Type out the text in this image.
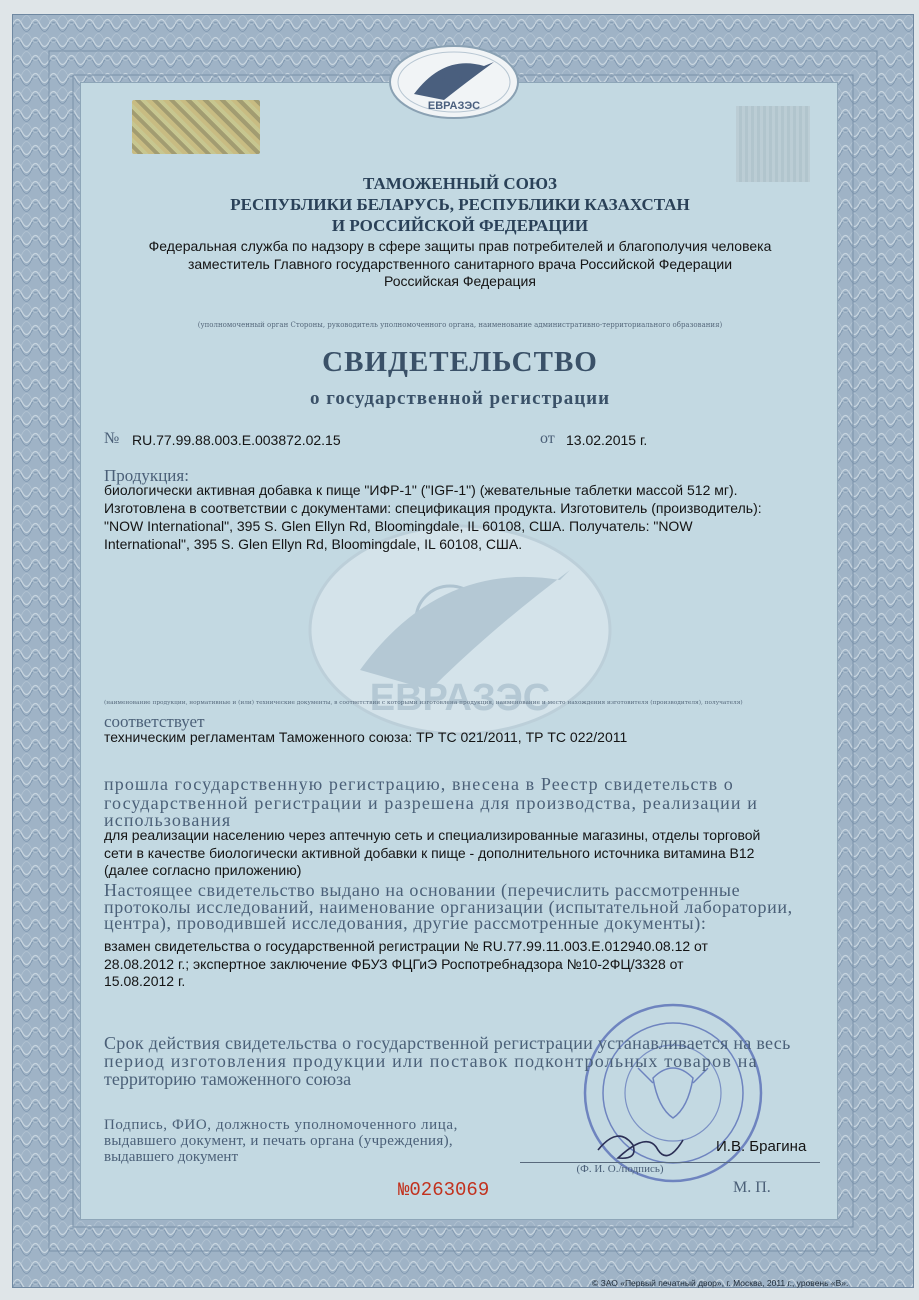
ЕВРАЗЭС
ТАМОЖЕННЫЙ СОЮЗ
РЕСПУБЛИКИ БЕЛАРУСЬ, РЕСПУБЛИКИ КАЗАХСТАН
И РОССИЙСКОЙ ФЕДЕРАЦИИ
Федеральная служба по надзору в сфере защиты прав потребителей и благополучия человека
заместитель Главного государственного санитарного врача Российской Федерации
Российская Федерация
(уполномоченный орган Стороны, руководитель уполномоченного органа, наименование административно-территориального образования)
СВИДЕТЕЛЬСТВО
о государственной регистрации
№ RU.77.99.88.003.Е.003872.02.15	от 13.02.2015 г.
ЕВРАЗЭС
Продукция:
биологически активная добавка к пище "ИФР-1" ("IGF-1") (жевательные таблетки массой 512 мг).
Изготовлена в соответствии с документами: спецификация продукта. Изготовитель (производитель):
"NOW International", 395 S. Glen Ellyn Rd, Bloomingdale, IL 60108, США. Получатель: "NOW
International", 395 S. Glen Ellyn Rd, Bloomingdale, IL 60108, США.
(наименование продукции, нормативные и (или) технические документы, в соответствии с которыми изготовлена продукция, наименование и место нахождения изготовителя (производителя), получателя)
соответствует
техническим регламентам Таможенного союза: ТР ТС 021/2011, ТР ТС 022/2011
прошла государственную регистрацию, внесена в Реестр свидетельств о
государственной регистрации и разрешена для производства, реализации и
использования
для реализации населению через аптечную сеть и специализированные магазины, отделы торговой
сети в качестве биологически активной добавки к пище - дополнительного источника витамина В12
(далее согласно приложению)
Настоящее свидетельство выдано на основании (перечислить рассмотренные
протоколы исследований, наименование организации (испытательной лаборатории,
центра), проводившей исследования, другие рассмотренные документы):
взамен свидетельства о государственной регистрации № RU.77.99.11.003.Е.012940.08.12 от
28.08.2012 г.; экспертное заключение ФБУЗ ФЦГиЭ Роспотребнадзора №10-2ФЦ/3328 от
15.08.2012 г.
Срок действия свидетельства о государственной регистрации устанавливается на весь
период изготовления продукции или поставок подконтрольных товаров на
территорию таможенного союза
Подпись, ФИО, должность уполномоченного лица,
выдавшего документ, и печать органа (учреждения),
выдавшего документ
И.В. Брагина
(Ф. И. О./подпись)
№0263069	М. П.
© ЗАО «Первый печатный двор», г. Москва, 2011 г., уровень «В».
